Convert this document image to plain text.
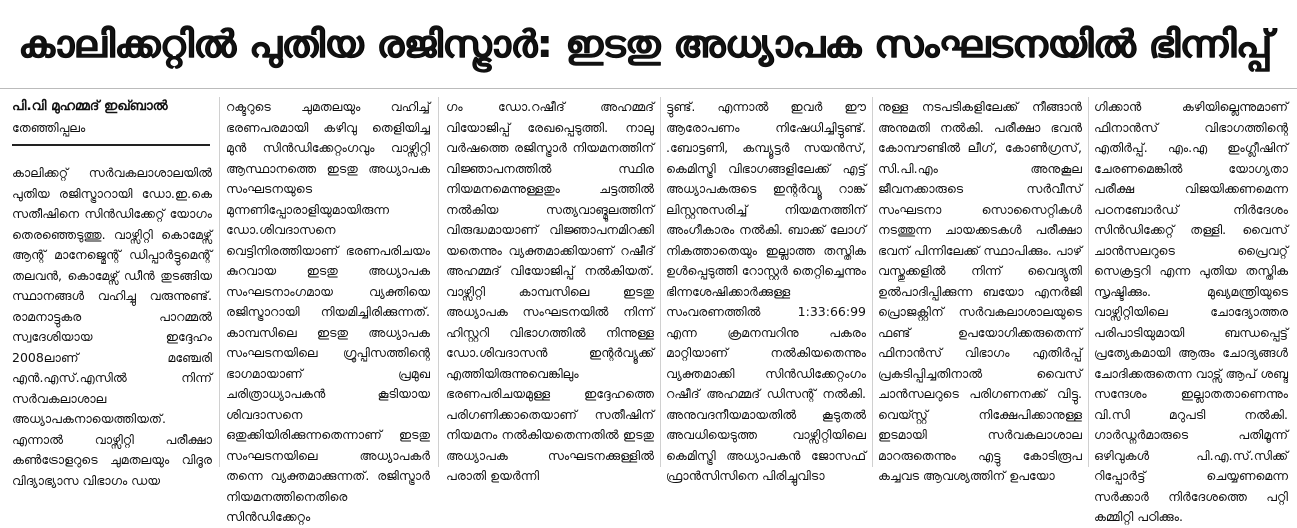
കാലിക്കറ്റിൽ പുതിയ രജിസ്ട്രാർ: ഇടതു അധ്യാപക സംഘടനയിൽ ഭിന്നിപ്പ്
പി.വി മുഹമ്മദ് ഇഖ്ബാൽ
തേഞ്ഞിപ്പലം
കാലിക്കറ്റ് സർവകലാശാലയിൽ പുതിയ രജിസ്ട്രാറായി ഡോ.ഇ.കെ സതീഷിനെ സിൻഡിക്കേറ്റ് യോഗം തെരഞ്ഞെടുത്തു. വാഴ്സിറ്റി കൊമേഴ്സ് ആന്റ് മാനേജ്മെന്റ് ഡിപ്പാർട്ടുമെന്റ് തലവൻ, കൊമേഴ്സ് ഡീൻ തുടങ്ങിയ സ്ഥാനങ്ങൾ വഹിച്ചു വരുന്നുണ്ട്. രാമനാട്ടുകര പാറമ്മൽ സ്വദേശിയായ ഇദ്ദേഹം 2008ലാണ് മഞ്ചേരി എൻ.എസ്.എസിൽ നിന്ന് സർവകലാശാല അധ്യാപകനായെത്തിയത്. എന്നാൽ വാഴ്സിറ്റി പരീക്ഷാ കൺട്രോളറുടെ ചുമതലയും വിദൂര വിദ്യാഭ്യാസ വിഭാഗം ഡയ
റക്ടറുടെ ചുമതലയും വഹിച്ച് ഭരണപരമായി കഴിവു തെളിയിച്ച മുൻ സിൻഡിക്കേറ്റംഗവും വാഴ്സിറ്റി ആസ്ഥാനത്തെ ഇടതു അധ്യാപക സംഘടനയുടെ മുന്നണിപ്പോരാളിയുമായിരുന്ന ഡോ.ശിവദാസനെ വെട്ടിനിരത്തിയാണ് ഭരണപരിചയം കുറവായ ഇടതു അധ്യാപക സംഘടനാംഗമായ വ്യക്തിയെ രജിസ്ട്രാറായി നിയമിച്ചിരിക്കുന്നത്. കാമ്പസിലെ ഇടതു അധ്യാപക സംഘടനയിലെ ഗ്രൂപ്പിസത്തിന്റെ ഭാഗമായാണ് പ്രമുഖ ചരിത്രാധ്യാപകൻ കൂടിയായ ശിവദാസനെ ഒതുക്കിയിരിക്കുന്നതെന്നാണ് ഇടതു സംഘടനയിലെ അധ്യാപകർ തന്നെ വ്യക്തമാക്കുന്നത്. രജിസ്ട്രാർ നിയമനത്തിനെതിരെ സിൻഡിക്കേറ്റം
ഗം ഡോ.റഷീദ് അഹമ്മദ് വിയോജിപ്പ് രേഖപ്പെടുത്തി. നാലു വർഷത്തെ രജിസ്ട്രാർ നിയമനത്തിന് വിജ്ഞാപനത്തിൽ സ്ഥിര നിയമനമെന്നുള്ളതും ചട്ടത്തിൽ നൽകിയ സത്യവാങ്മൂലത്തിന് വിരുദ്ധമായാണ് വിജ്ഞാപനമിറക്കി യതെന്നും വ്യക്തമാക്കിയാണ് റഷീദ് അഹമ്മദ് വിയോജിപ്പ് നൽകിയത്. വാഴ്സിറ്റി കാമ്പസിലെ ഇടതു അധ്യാപക സംഘടനയിൽ നിന്ന് ഹിസ്റ്ററി വിഭാഗത്തിൽ നിന്നുള്ള ഡോ.ശിവദാസൻ ഇന്റർവ്യൂക്ക് എത്തിയിരുന്നുവെങ്കിലും ഭരണപരിചയമുള്ള ഇദ്ദേഹത്തെ പരിഗണിക്കാതെയാണ് സതീഷിന് നിയമനം നൽകിയതെന്നതിൽ ഇടതു അധ്യാപക സംഘടനക്കുള്ളിൽ പരാതി ഉയർന്നി
ട്ടുണ്ട്. എന്നാൽ ഇവർ ഈ ആരോപണം നിഷേധിച്ചിട്ടുണ്ട്. .ബോട്ടണി, കമ്പ്യൂട്ടർ സയൻസ്, കെമിസ്ട്രി വിഭാഗങ്ങളിലേക്ക് എട്ട് അധ്യാപകരുടെ ഇന്റർവ്യൂ റാങ്ക് ലിസ്റ്റനുസരിച്ച് നിയമനത്തിന് അംഗീകാരം നൽകി. ബാക്ക് ലോഗ് നികത്താതെയും ഇല്ലാത്ത തസ്തിക ഉൾപ്പെടുത്തി റോസ്റ്റർ തെറ്റിച്ചെന്നും ഭിന്നശേഷിക്കാർക്കുള്ള സംവരണത്തിൽ 1:33:66:99 എന്ന ക്രമനമ്പറിനു പകരം മാറ്റിയാണ് നൽകിയതെന്നും വ്യക്തമാക്കി സിൻഡിക്കേറ്റംഗം റഷീദ് അഹമ്മദ് ഡിസന്റ് നൽകി. അനുവദനീയമായതിൽ കൂടുതൽ അവധിയെടുത്ത വാഴ്സിറ്റിയിലെ കെമിസ്ട്രി അധ്യാപകൻ ജോസഫ് ഫ്രാൻസിസിനെ പിരിച്ചുവിടാ
നുള്ള നടപടികളിലേക്ക് നീങ്ങാൻ അനുമതി നൽകി. പരീക്ഷാ ഭവൻ കോമ്പൗണ്ടിൽ ലീഗ്, കോൺഗ്രസ്, സി.പി.എം അനുകൂല ജീവനക്കാരുടെ സർവീസ് സംഘടനാ സൊസൈറ്റികൾ നടത്തുന്ന ചായക്കടകൾ പരീക്ഷാ ഭവന് പിന്നിലേക്ക് സ്ഥാപിക്കും. പാഴ് വസ്തുക്കളിൽ നിന്ന് വൈദ്യുതി ഉൽപാദിപ്പിക്കുന്ന ബയോ എനർജി പ്രൊജക്റ്റിന് സർവകലാശാലയുടെ ഫണ്ട് ഉപയോഗിക്കരുതെന്ന് ഫിനാൻസ് വിഭാഗം എതിർപ്പ് പ്രകടിപ്പിച്ചതിനാൽ വൈസ് ചാൻസലറുടെ പരിഗണനക്ക് വിട്ടു. വെയ്സ്റ്റ് നിക്ഷേപിക്കാനുള്ള ഇടമായി സർവകലാശാല മാറരുതെന്നും എട്ടു കോടിരൂപ കച്ചവട ആവശ്യത്തിന് ഉപയോ
ഗിക്കാൻ കഴിയില്ലെന്നുമാണ് ഫിനാൻസ് വിഭാഗത്തിന്റെ എതിർപ്പ്. എം.എ ഇംഗ്ലീഷിന് ചേരണമെങ്കിൽ യോഗ്യതാ പരീക്ഷ വിജയിക്കണമെന്ന പഠനബോർഡ് നിർദേശം സിൻഡിക്കേറ്റ് തള്ളി. വൈസ് ചാൻസലറുടെ പ്രൈവറ്റ് സെക്രട്ടറി എന്ന പുതിയ തസ്തിക സൃഷ്ടിക്കും. മുഖ്യമന്ത്രിയുടെ വാഴ്സിറ്റിയിലെ ചോദ്യോത്തര പരിപാടിയുമായി ബന്ധപ്പെട്ട് പ്രത്യേകമായി ആരും ചോദ്യങ്ങൾ ചോദിക്കരുതെന്ന വാട്സ് ആപ് ശബ്ദ സന്ദേശം ഇല്ലാതതാണെന്നും വി.സി മറുപടി നൽകി. ഗാർഡ്നർമാരുടെ പതിമൂന്ന് ഒഴിവുകൾ പി.എ.സ്.സിക്ക് റിപ്പോർട്ട് ചെയ്യണമെന്ന സർക്കാർ നിർദേശത്തെ പറ്റി കമ്മിറ്റി പഠിക്കും.
